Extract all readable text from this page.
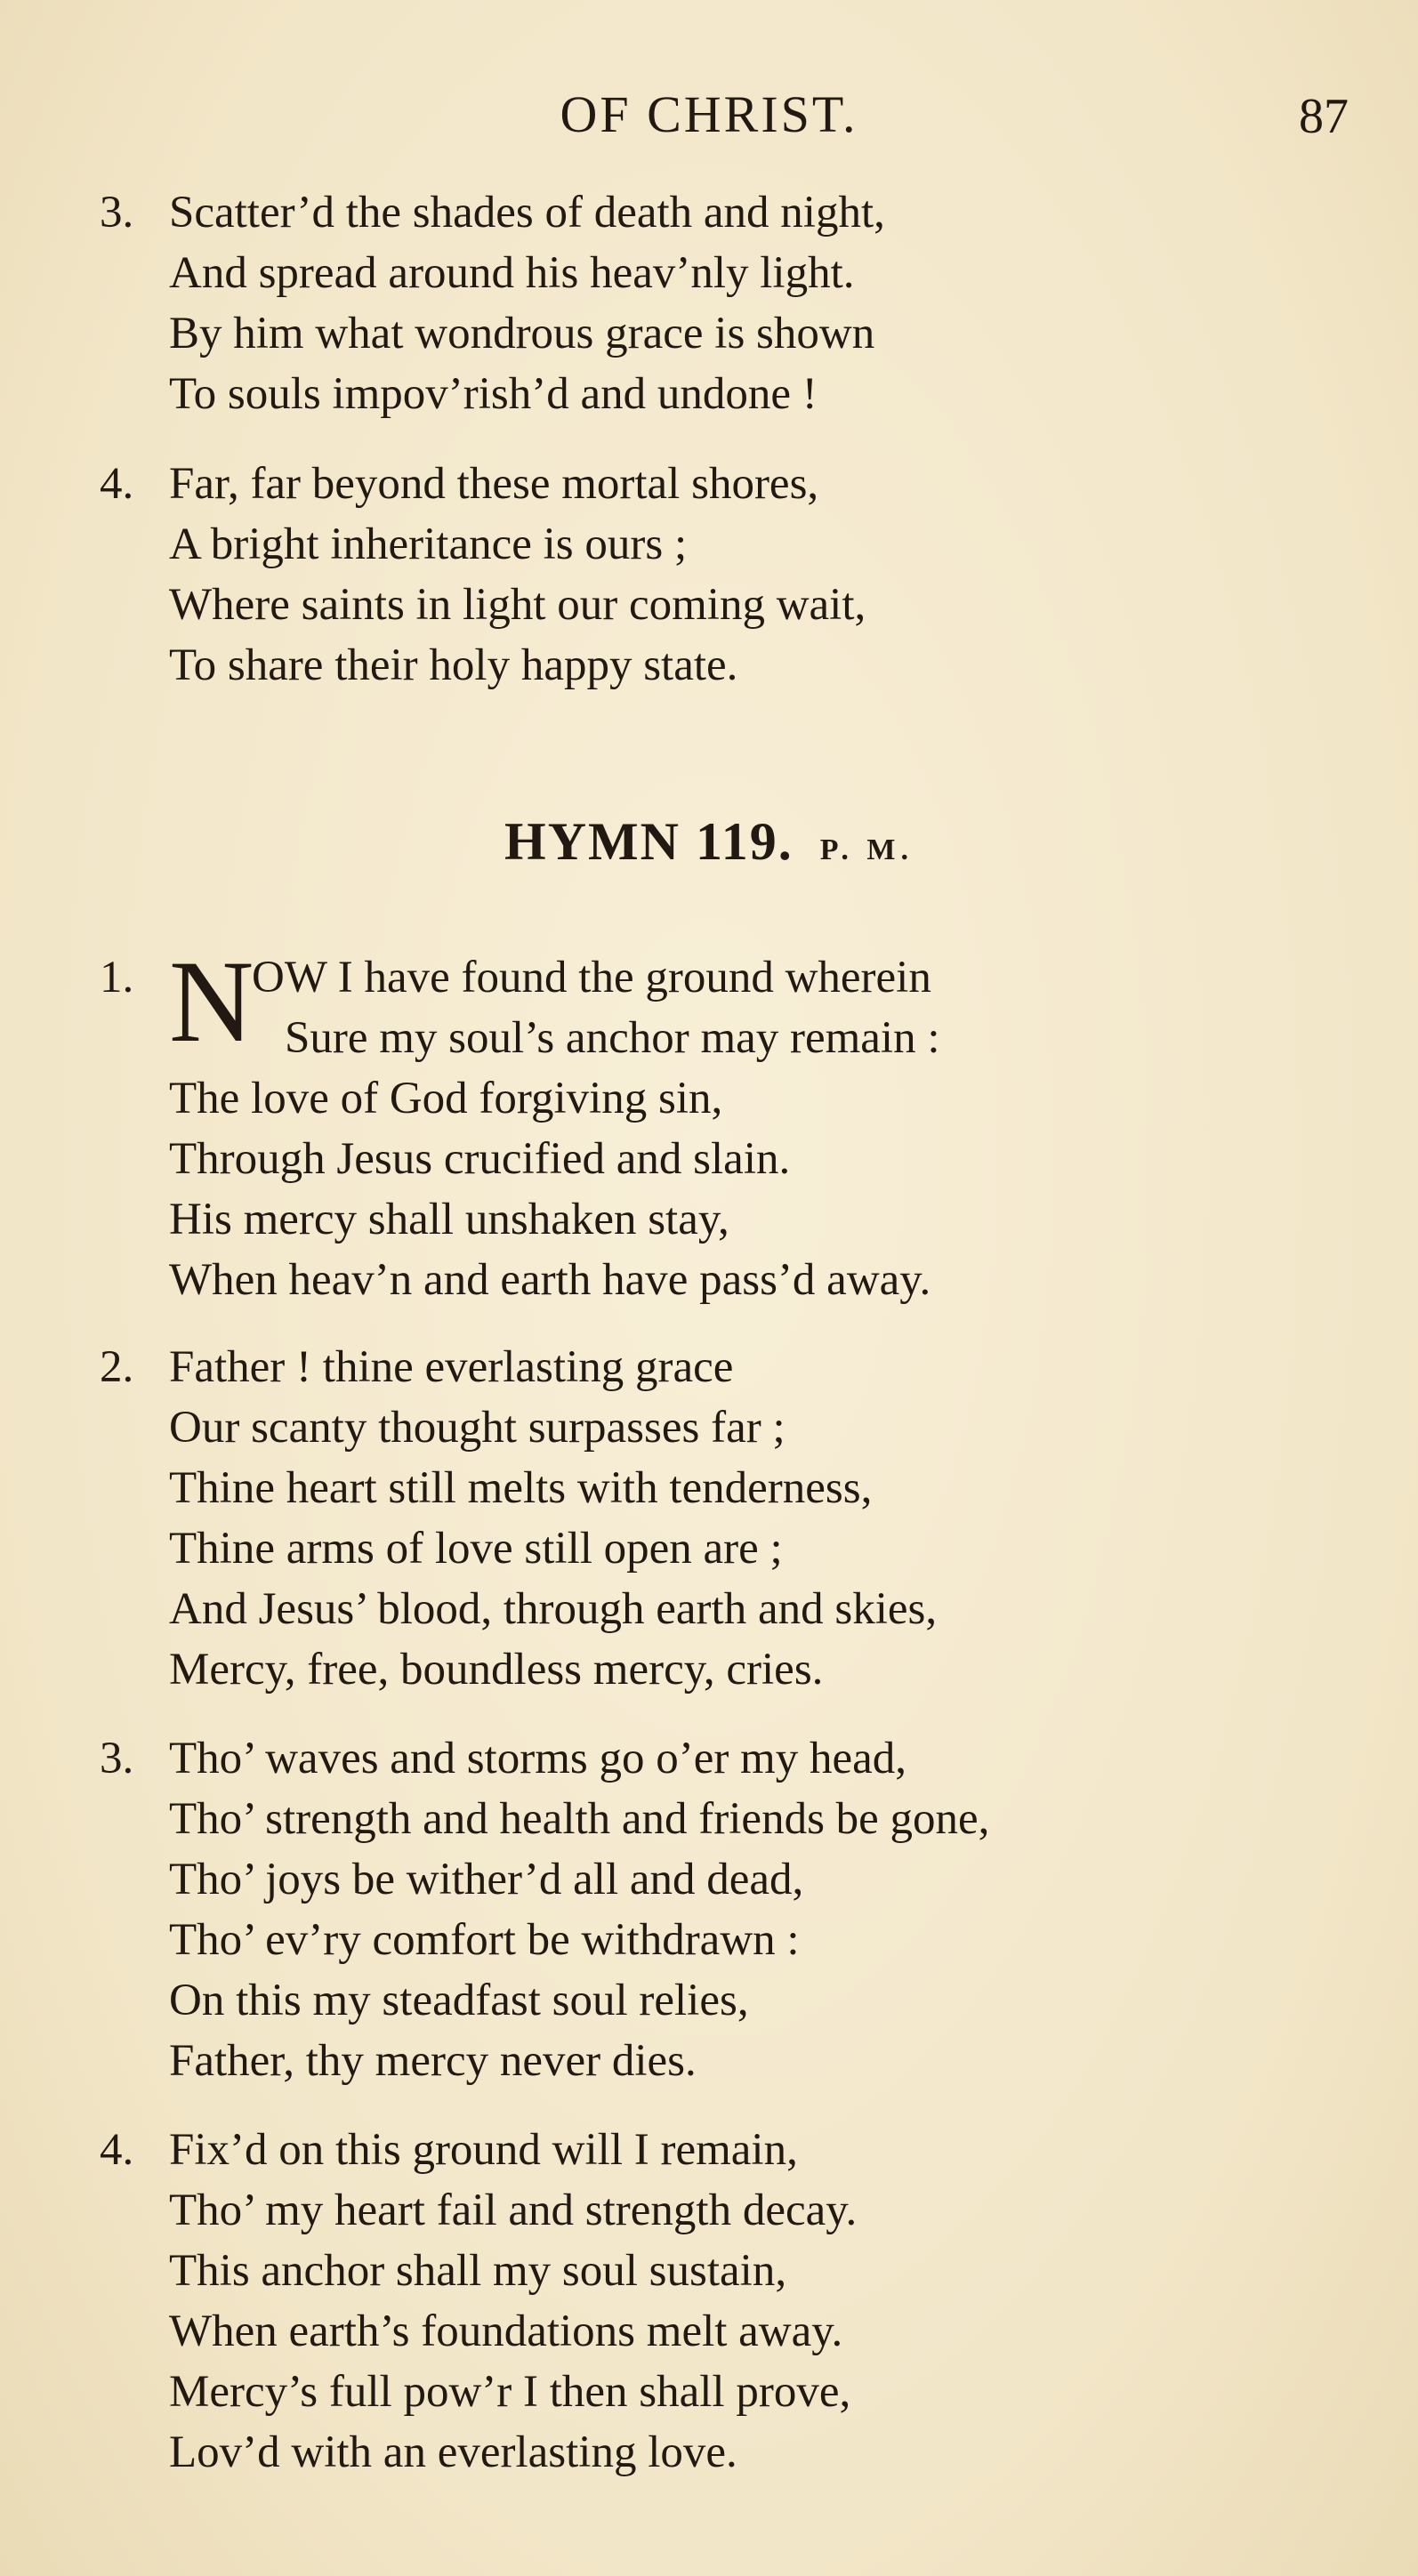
OF CHRIST.	87
3. Scatter’d the shades of death and night,
And spread around his heav’nly light.
By him what wondrous grace is shown
To souls impov’rish’d and undone !
4. Far, far beyond these mortal shores,
A bright inheritance is ours ;
Where saints in light our coming wait,
To share their holy happy state.
HYMN 119. P. M.
1. N
OW I have found the ground wherein
Sure my soul’s anchor may remain :
The love of God forgiving sin,
Through Jesus crucified and slain.
His mercy shall unshaken stay,
When heav’n and earth have pass’d away.
2. Father ! thine everlasting grace
Our scanty thought surpasses far ;
Thine heart still melts with tenderness,
Thine arms of love still open are ;
And Jesus’ blood, through earth and skies,
Mercy, free, boundless mercy, cries.
3. Tho’ waves and storms go o’er my head,
Tho’ strength and health and friends be gone,
Tho’ joys be wither’d all and dead,
Tho’ ev’ry comfort be withdrawn :
On this my steadfast soul relies,
Father, thy mercy never dies.
4. Fix’d on this ground will I remain,
Tho’ my heart fail and strength decay.
This anchor shall my soul sustain,
When earth’s foundations melt away.
Mercy’s full pow’r I then shall prove,
Lov’d with an everlasting love.
